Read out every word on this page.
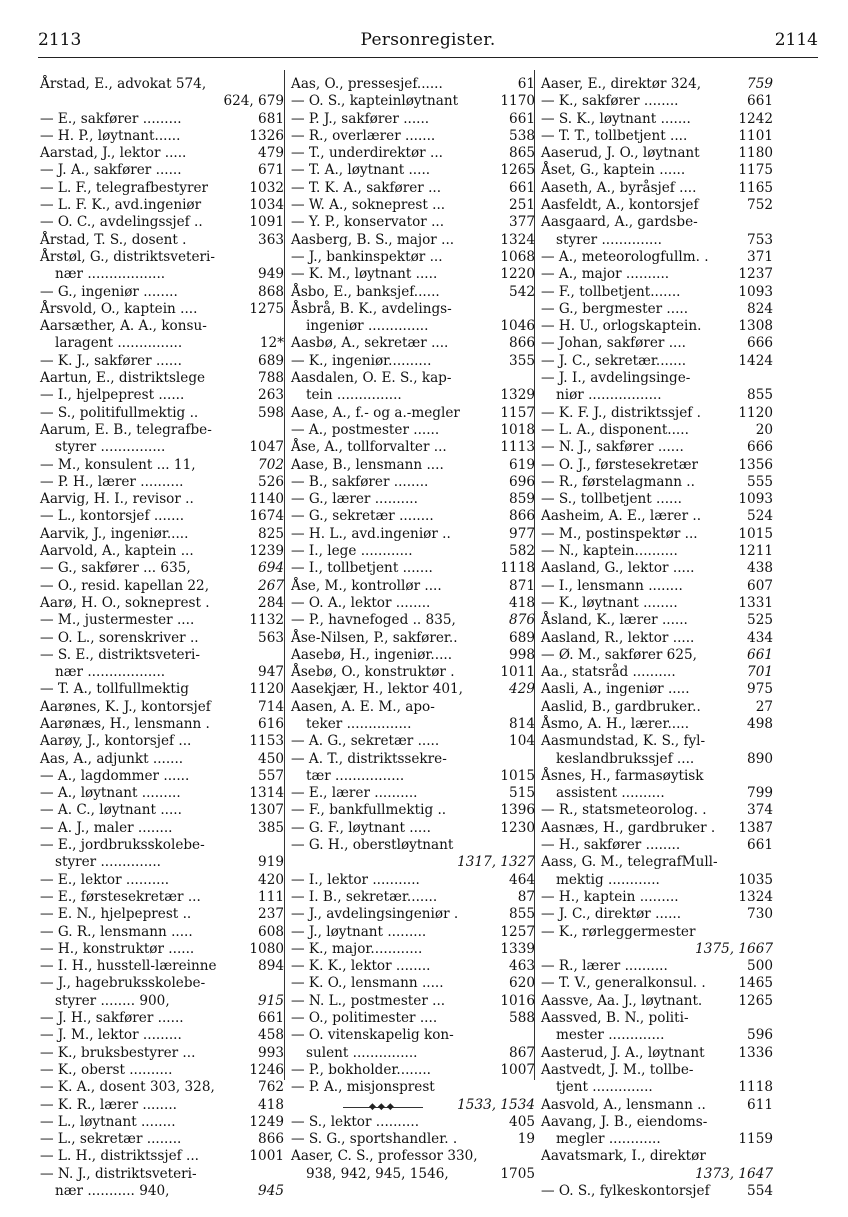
2113	Personregister.	2114
Årstad, E., advokat 574,
624, 679
— E., sakfører .........	681
— H. P., løytnant......	1326
Aarstad, J., lektor .....	479
— J. A., sakfører ......	671
— L. F., telegrafbestyrer	1032
— L. F. K., avd.ingeniør	1034
— O. C., avdelingssjef ..	1091
Årstad, T. S., dosent .	363
Årstøl, G., distriktsveteri-
nær ..................	949
— G., ingeniør ........	868
Årsvold, O., kaptein ....	1275
Aarsæther, A. A., konsu-
laragent ...............	12*
— K. J., sakfører ......	689
Aartun, E., distriktslege	788
— I., hjelpeprest ......	263
— S., politifullmektig ..	598
Aarum, E. B., telegrafbe-
styrer ...............	1047
— M., konsulent ... 11,	702
— P. H., lærer ..........	526
Aarvig, H. I., revisor ..	1140
— L., kontorsjef .......	1674
Aarvik, J., ingeniør.....	825
Aarvold, A., kaptein ...	1239
— G., sakfører ... 635,	694
— O., resid. kapellan 22,	267
Aarø, H. O., sokneprest .	284
— M., justermester ....	1132
— O. L., sorenskriver ..	563
— S. E., distriktsveteri-
nær ..................	947
— T. A., tollfullmektig	1120
Aarønes, K. J., kontorsjef	714
Aarønæs, H., lensmann .	616
Aarøy, J., kontorsjef ...	1153
Aas, A., adjunkt .......	450
— A., lagdommer ......	557
— A., løytnant .........	1314
— A. C., løytnant .....	1307
— A. J., maler ........	385
— E., jordbruksskolebe-
styrer ..............	919
— E., lektor ..........	420
— E., førstesekretær ...	111
— E. N., hjelpeprest ..	237
— G. R., lensmann .....	608
— H., konstruktør ......	1080
— I. H., husstell-læreinne	894
— J., hagebruksskolebe-
styrer ........ 900,	915
— J. H., sakfører ......	661
— J. M., lektor .........	458
— K., bruksbestyrer ...	993
— K., oberst ..........	1246
— K. A., dosent 303, 328,	762
— K. R., lærer ........	418
— L., løytnant ........	1249
— L., sekretær ........	866
— L. H., distriktssjef ...	1001
— N. J., distriktsveteri-
nær ........... 940,	945
Aas, O., pressesjef......	61
— O. S., kapteinløytnant	1170
— P. J., sakfører ......	661
— R., overlærer .......	538
— T., underdirektør ...	865
— T. A., løytnant .....	1265
— T. K. A., sakfører ...	661
— W. A., sokneprest ...	251
— Y. P., konservator ...	377
Aasberg, B. S., major ...	1324
— J., bankinspektør ...	1068
— K. M., løytnant .....	1220
Åsbo, E., banksjef......	542
Åsbrå, B. K., avdelings-
ingeniør ..............	1046
Aasbø, A., sekretær ....	866
— K., ingeniør..........	355
Aasdalen, O. E. S., kap-
tein ...............	1329
Aase, A., f.- og a.-megler	1157
— A., postmester ......	1018
Åse, A., tollforvalter ...	1113
Aase, B., lensmann ....	619
— B., sakfører ........	696
— G., lærer ..........	859
— G., sekretær ........	866
— H. L., avd.ingeniør ..	977
— I., lege ............	582
— I., tollbetjent .......	1118
Åse, M., kontrollør ....	871
— O. A., lektor ........	418
— P., havnefoged .. 835,	876
Åse-Nilsen, P., sakfører..	689
Aasebø, H., ingeniør.....	998
Åsebø, O., konstruktør .	1011
Aasekjær, H., lektor 401,	429
Aasen, A. E. M., apo-
teker ...............	814
— A. G., sekretær .....	104
— A. T., distriktssekre-
tær ................	1015
— E., lærer ..........	515
— F., bankfullmektig ..	1396
— G. F., løytnant .....	1230
— G. H., oberstløytnant
1317, 1327
— I., lektor ...........	464
— I. B., sekretær.......	87
— J., avdelingsingeniør .	855
— J., løytnant .........	1257
— K., major............	1339
— K. K., lektor ........	463
— K. O., lensmann .....	620
— N. L., postmester ...	1016
— O., politimester ....	588
— O. vitenskapelig kon-
sulent ...............	867
— P., bokholder........	1007
— P. A., misjonsprest
1533, 1534
— S., lektor ..........	405
— S. G., sportshandler. .	19
Aaser, C. S., professor 330,
938, 942, 945, 1546,	1705
Aaser, E., direktør 324,	759
— K., sakfører ........	661
— S. K., løytnant .......	1242
— T. T., tollbetjent ....	1101
Aaserud, J. O., løytnant	1180
Åset, G., kaptein ......	1175
Aaseth, A., byråsjef ....	1165
Aasfeldt, A., kontorsjef	752
Aasgaard, A., gardsbe-
styrer ..............	753
— A., meteorologfullm. .	371
— A., major ..........	1237
— F., tollbetjent.......	1093
— G., bergmester .....	824
— H. U., orlogskaptein.	1308
— Johan, sakfører ....	666
— J. C., sekretær.......	1424
— J. I., avdelingsinge-
niør .................	855
— K. F. J., distriktssjef .	1120
— L. A., disponent.....	20
— N. J., sakfører ......	666
— O. J., førstesekretær	1356
— R., førstelagmann ..	555
— S., tollbetjent ......	1093
Aasheim, A. E., lærer ..	524
— M., postinspektør ...	1015
— N., kaptein..........	1211
Aasland, G., lektor .....	438
— I., lensmann ........	607
— K., løytnant ........	1331
Åsland, K., lærer ......	525
Aasland, R., lektor .....	434
— Ø. M., sakfører 625,	661
Aa., statsråd ..........	701
Aasli, A., ingeniør .....	975
Aaslid, B., gardbruker..	27
Åsmo, A. H., lærer.....	498
Aasmundstad, K. S., fyl-
keslandbrukssjef ....	890
Åsnes, H., farmasøytisk
assistent ..........	799
— R., statsmeteorolog. .	374
Aasnæs, H., gardbruker . 1387
— H., sakfører ........	661
Aass, G. M., telegrafMull-
mektig ............	1035
— H., kaptein .........	1324
— J. C., direktør ......	730
— K., rørleggermester
1375, 1667
— R., lærer ..........	500
— T. V., generalkonsul. . 1465
Aassve, Aa. J., løytnant.	1265
Aassved, B. N., politi-
mester .............	596
Aasterud, J. A., løytnant 1336
Aastvedt, J. M., tollbe-
tjent ..............	1118
Aasvold, A., lensmann ..	611
Aavang, J. B., eiendoms-
megler ............	1159
Aavatsmark, I., direktør
1373, 1647
— O. S., fylkeskontorsjef	554
◆◆◆
